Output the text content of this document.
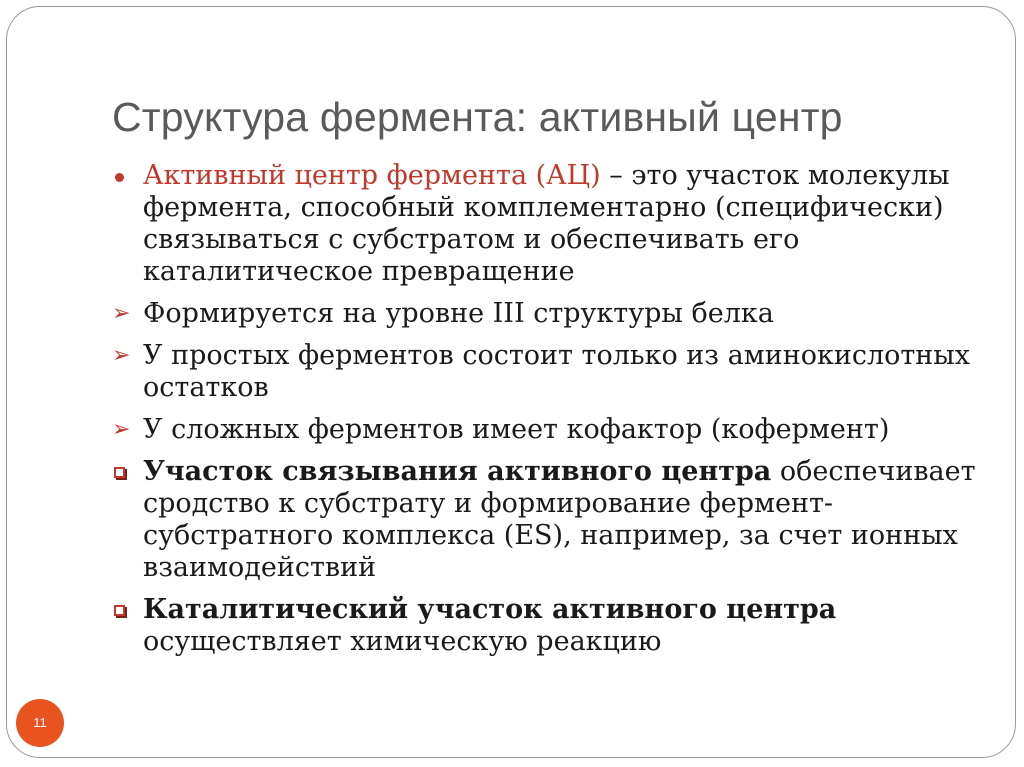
Структура фермента: активный центр
Активный центр фермента (АЦ) – это участок молекулы фермента, способный комплементарно (специфически) связываться с субстратом и обеспечивать его каталитическое превращение
➢ Формируется на уровне III структуры белка
➢ У простых ферментов состоит только из аминокислотных остатков
➢ У сложных ферментов имеет кофактор (кофермент)
Участок связывания активного центра обеспечивает сродство к субстрату и формирование фермент-субстратного комплекса (ES), например, за счет ионных взаимодействий
Каталитический участок активного центра осуществляет химическую реакцию
11
